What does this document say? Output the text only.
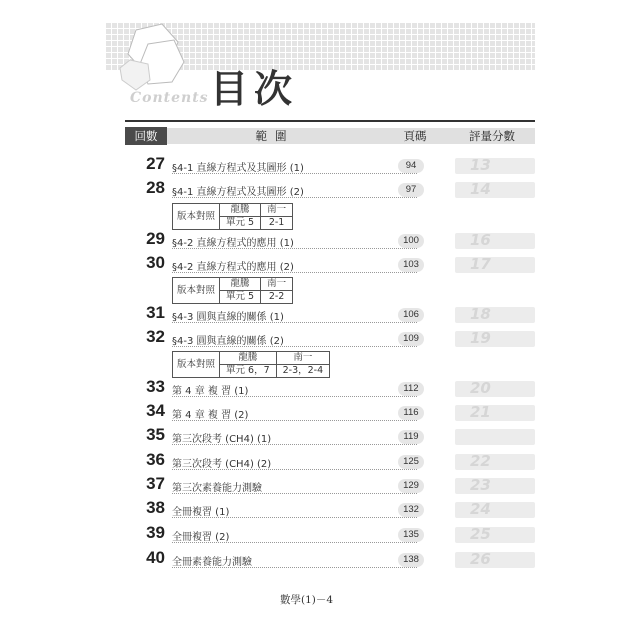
Contents 目次
回數	範圍	頁碼	評量分數
27 §4-1 直線方程式及其圖形 (1)	94	13
28 §4-1 直線方程式及其圖形 (2)	97	14
29 §4-2 直線方程式的應用 (1)	100	16
30 §4-2 直線方程式的應用 (2)	103	17
31 §4-3 圓與直線的關係 (1)	106	18
32 §4-3 圓與直線的關係 (2)	109	19
33 第 4 章 複 習 (1)	112	20
34 第 4 章 複 習 (2)	116	21
35 第三次段考 (CH4) (1)	119
36 第三次段考 (CH4) (2)	125	22
37 第三次素養能力測驗	129	23
38 全冊複習 (1)	132	24
39 全冊複習 (2)	135	25
40 全冊素養能力測驗	138	26
版本對照	龍騰	南一
	單元 5	2-1
版本對照	龍騰	南一
	單元 5	2-2
版本對照	龍騰	南一
	單元 6，7	2-3，2-4
數學(1)－4
